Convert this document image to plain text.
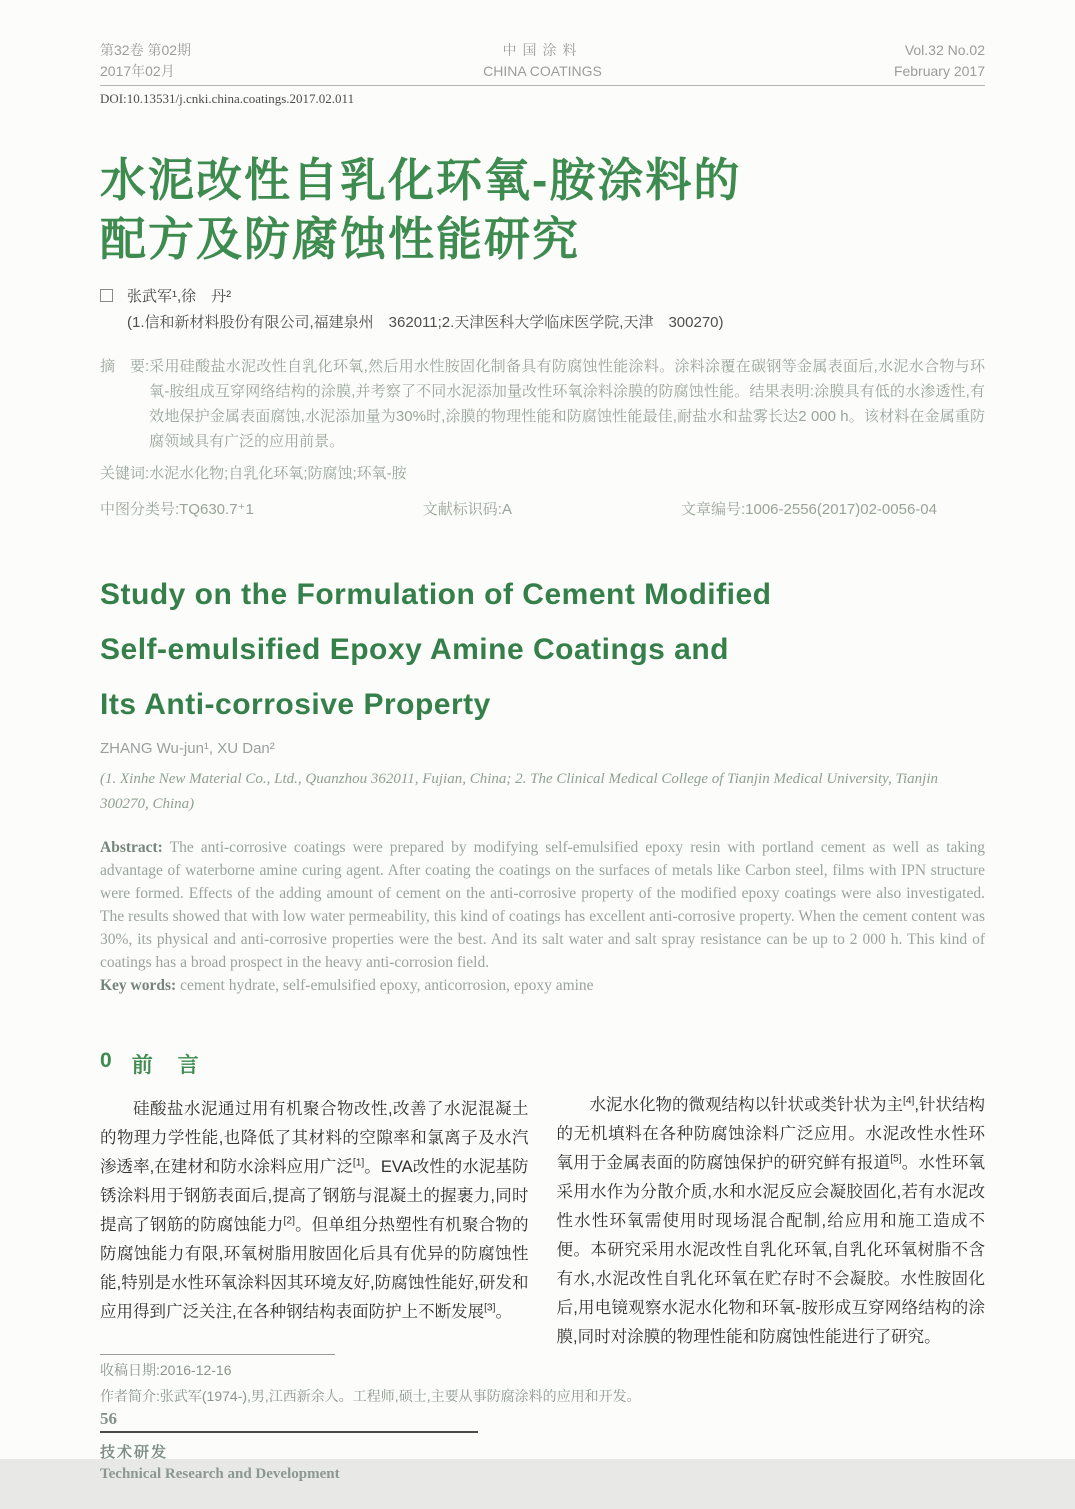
第32卷 第02期
2017年02月
中国涂料
CHINA COATINGS
Vol.32 No.02
February 2017
DOI:10.13531/j.cnki.china.coatings.2017.02.011
水泥改性自乳化环氧-胺涂料的
配方及防腐蚀性能研究
张武军¹,徐　丹²
(1.信和新材料股份有限公司,福建泉州　362011;2.天津医科大学临床医学院,天津　300270)
摘　要: 采用硅酸盐水泥改性自乳化环氧,然后用水性胺固化制备具有防腐蚀性能涂料。涂料涂覆在碳钢等金属表面后,水泥水合物与环氧-胺组成互穿网络结构的涂膜,并考察了不同水泥添加量改性环氧涂料涂膜的防腐蚀性能。结果表明:涂膜具有低的水渗透性,有效地保护金属表面腐蚀,水泥添加量为30%时,涂膜的物理性能和防腐蚀性能最佳,耐盐水和盐雾长达2 000 h。该材料在金属重防腐领域具有广泛的应用前景。
关键词: 水泥水化物;自乳化环氧;防腐蚀;环氧-胺
中图分类号:TQ630.7⁺1	文献标识码:A	文章编号:1006-2556(2017)02-0056-04
Study on the Formulation of Cement Modified
Self-emulsified Epoxy Amine Coatings and
Its Anti-corrosive Property
ZHANG Wu-jun¹, XU Dan²
(1. Xinhe New Material Co., Ltd., Quanzhou 362011, Fujian, China; 2. The Clinical Medical College of Tianjin Medical University, Tianjin 300270, China)

Abstract: The anti-corrosive coatings were prepared by modifying self-emulsified epoxy resin with portland cement as well as taking advantage of waterborne amine curing agent. After coating the coatings on the surfaces of metals like Carbon steel, films with IPN structure were formed. Effects of the adding amount of cement on the anti-corrosive property of the modified epoxy coatings were also investigated. The results showed that with low water permeability, this kind of coatings has excellent anti-corrosive property. When the cement content was 30%, its physical and anti-corrosive properties were the best. And its salt water and salt spray resistance can be up to 2 000 h. This kind of coatings has a broad prospect in the heavy anti-corrosion field.

Key words: cement hydrate, self-emulsified epoxy, anticorrosion, epoxy amine

0 前　言

硅酸盐水泥通过用有机聚合物改性,改善了水泥混凝土的物理力学性能,也降低了其材料的空隙率和氯离子及水汽渗透率,在建材和防水涂料应用广泛[1]。EVA改性的水泥基防锈涂料用于钢筋表面后,提高了钢筋与混凝土的握裹力,同时提高了钢筋的防腐蚀能力[2]。但单组分热塑性有机聚合物的防腐蚀能力有限,环氧树脂用胺固化后具有优异的防腐蚀性能,特别是水性环氧涂料因其环境友好,防腐蚀性能好,研发和应用得到广泛关注,在各种钢结构表面防护上不断发展[3]。

水泥水化物的微观结构以针状或类针状为主[4],针状结构的无机填料在各种防腐蚀涂料广泛应用。水泥改性水性环氧用于金属表面的防腐蚀保护的研究鲜有报道[5]。水性环氧采用水作为分散介质,水和水泥反应会凝胶固化,若有水泥改性水性环氧需使用时现场混合配制,给应用和施工造成不便。本研究采用水泥改性自乳化环氧,自乳化环氧树脂不含有水,水泥改性自乳化环氧在贮存时不会凝胶。水性胺固化后,用电镜观察水泥水化物和环氧-胺形成互穿网络结构的涂膜,同时对涂膜的物理性能和防腐蚀性能进行了研究。

收稿日期:2016-12-16
作者简介:张武军(1974-),男,江西新余人。工程师,硕士,主要从事防腐涂料的应用和开发。
56
技术研发
Technical Research and Development
